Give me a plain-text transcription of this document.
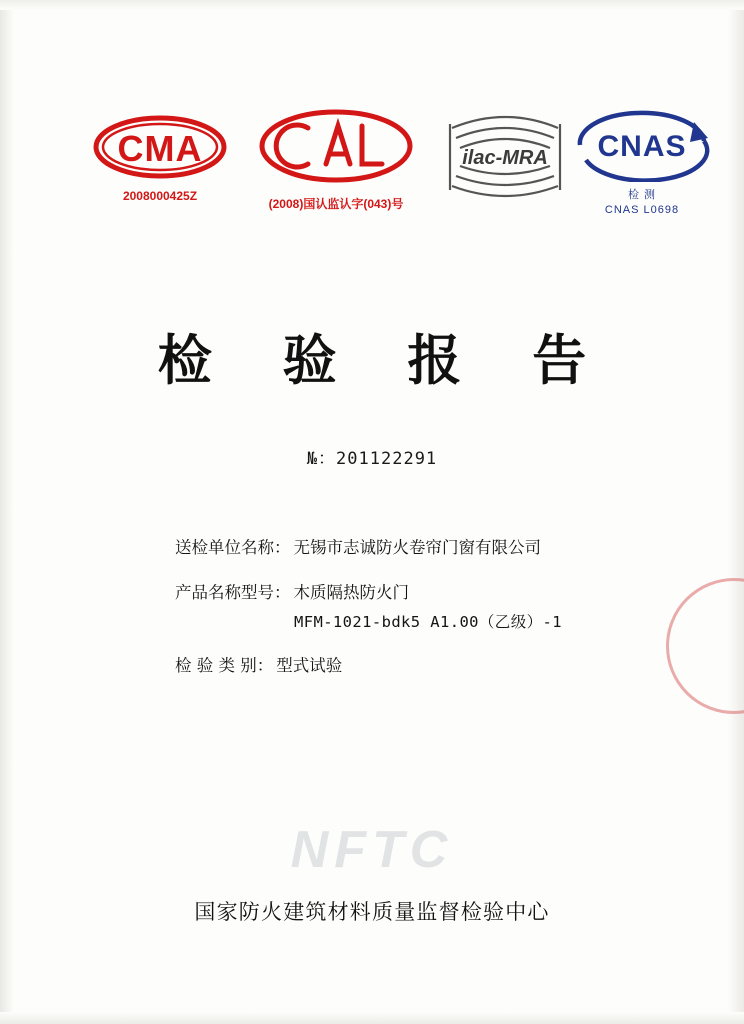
CMA
2008000425Z
(2008)国认监认字(043)号
ilac-MRA CNAS
检 测
CNAS L0698
检 验 报 告
№：201122291
送检单位名称： 无锡市志诚防火卷帘门窗有限公司
产品名称型号： 木质隔热防火门
MFM-1021-bdk5 A1.00（乙级）-1
检 验 类 别： 型式试验
NFTC
国家防火建筑材料质量监督检验中心
